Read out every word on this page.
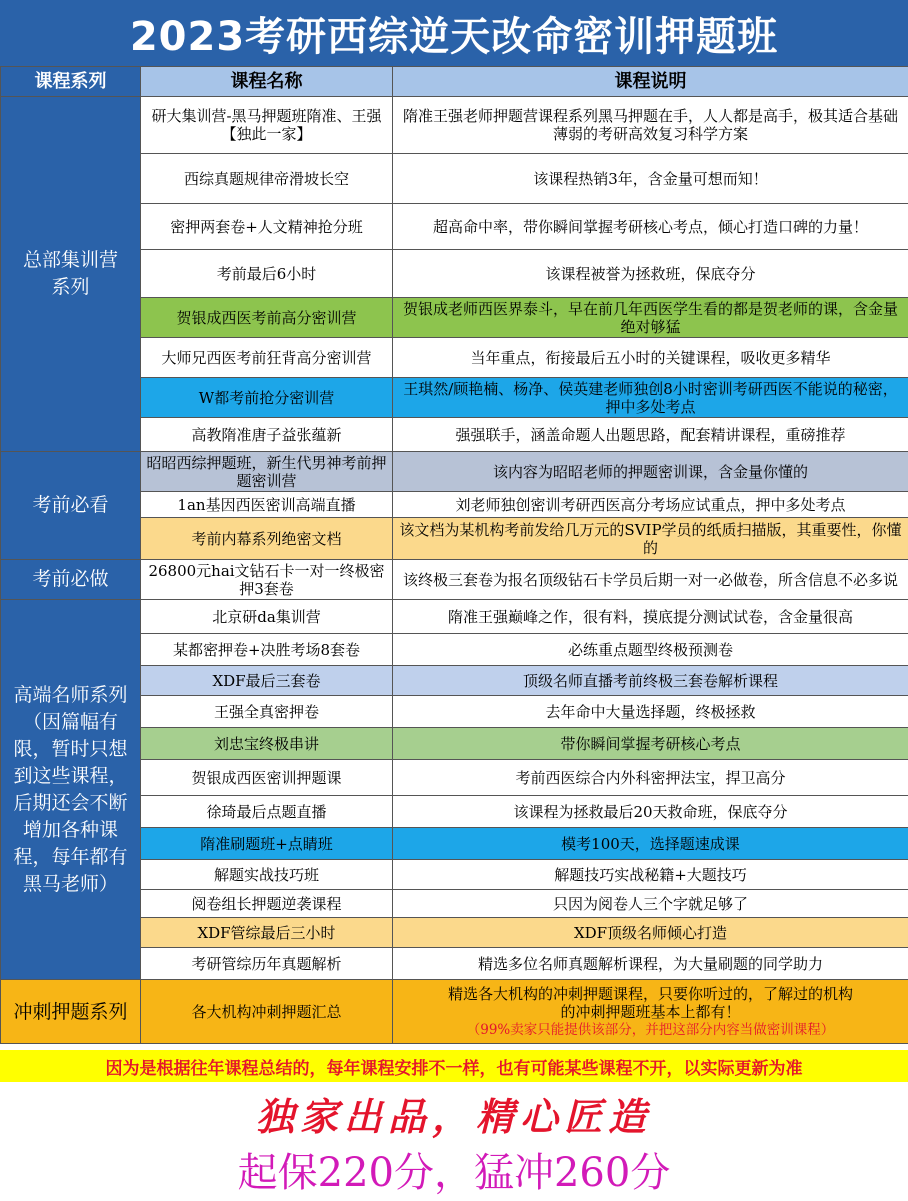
2023考研西综逆天改命密训押题班
课程系列	课程名称	课程说明
总部集训营系列	研大集训营-黑马押题班隋准、王强【独此一家】	隋准王强老师押题营课程系列黑马押题在手，人人都是高手，极其适合基础薄弱的考研高效复习科学方案
	西综真题规律帝滑坡长空	该课程热销3年，含金量可想而知！
	密押两套卷+人文精神抢分班	超高命中率，带你瞬间掌握考研核心考点，倾心打造口碑的力量！
	考前最后6小时	该课程被誉为拯救班，保底夺分
	贺银成西医考前高分密训营	贺银成老师西医界泰斗，早在前几年西医学生看的都是贺老师的课，含金量绝对够猛
	大师兄西医考前狂背高分密训营	当年重点，衔接最后五小时的关键课程，吸收更多精华
	W都考前抢分密训营	王琪然/顾艳楠、杨净、侯英建老师独创8小时密训考研西医不能说的秘密，押中多处考点
	高教隋准唐子益张蕴新	强强联手，涵盖命题人出题思路，配套精讲课程，重磅推荐
考前必看	昭昭西综押题班，新生代男神考前押题密训营	该内容为昭昭老师的押题密训课，含金量你懂的
	1an基因西医密训高端直播	刘老师独创密训考研西医高分考场应试重点，押中多处考点
	考前内幕系列绝密文档	该文档为某机构考前发给几万元的SVIP学员的纸质扫描版，其重要性，你懂的
考前必做	26800元hai文钻石卡一对一终极密押3套卷	该终极三套卷为报名顶级钻石卡学员后期一对一必做卷，所含信息不必多说
高端名师系列（因篇幅有限，暂时只想到这些课程，后期还会不断增加各种课程，每年都有黑马老师）	北京研da集训营	隋准王强巅峰之作，很有料，摸底提分测试试卷，含金量很高
	某都密押卷+决胜考场8套卷	必练重点题型终极预测卷
	XDF最后三套卷	顶级名师直播考前终极三套卷解析课程
	王强全真密押卷	去年命中大量选择题，终极拯救
	刘忠宝终极串讲	带你瞬间掌握考研核心考点
	贺银成西医密训押题课	考前西医综合内外科密押法宝，捍卫高分
	徐琦最后点题直播	该课程为拯救最后20天救命班，保底夺分
	隋准刷题班+点睛班	模考100天，选择题速成课
	解题实战技巧班	解题技巧实战秘籍+大题技巧
	阅卷组长押题逆袭课程	只因为阅卷人三个字就足够了
	XDF管综最后三小时	XDF顶级名师倾心打造
	考研管综历年真题解析	精选多位名师真题解析课程，为大量刷题的同学助力
冲刺押题系列	各大机构冲刺押题汇总	精选各大机构的冲刺押题课程，只要你听过的，了解过的机构的冲刺押题班基本上都有！
（99%卖家只能提供该部分，并把这部分内容当做密训课程）
因为是根据往年课程总结的，每年课程安排不一样，也有可能某些课程不开，以实际更新为准
独家出品，精心匠造
起保220分，猛冲260分
